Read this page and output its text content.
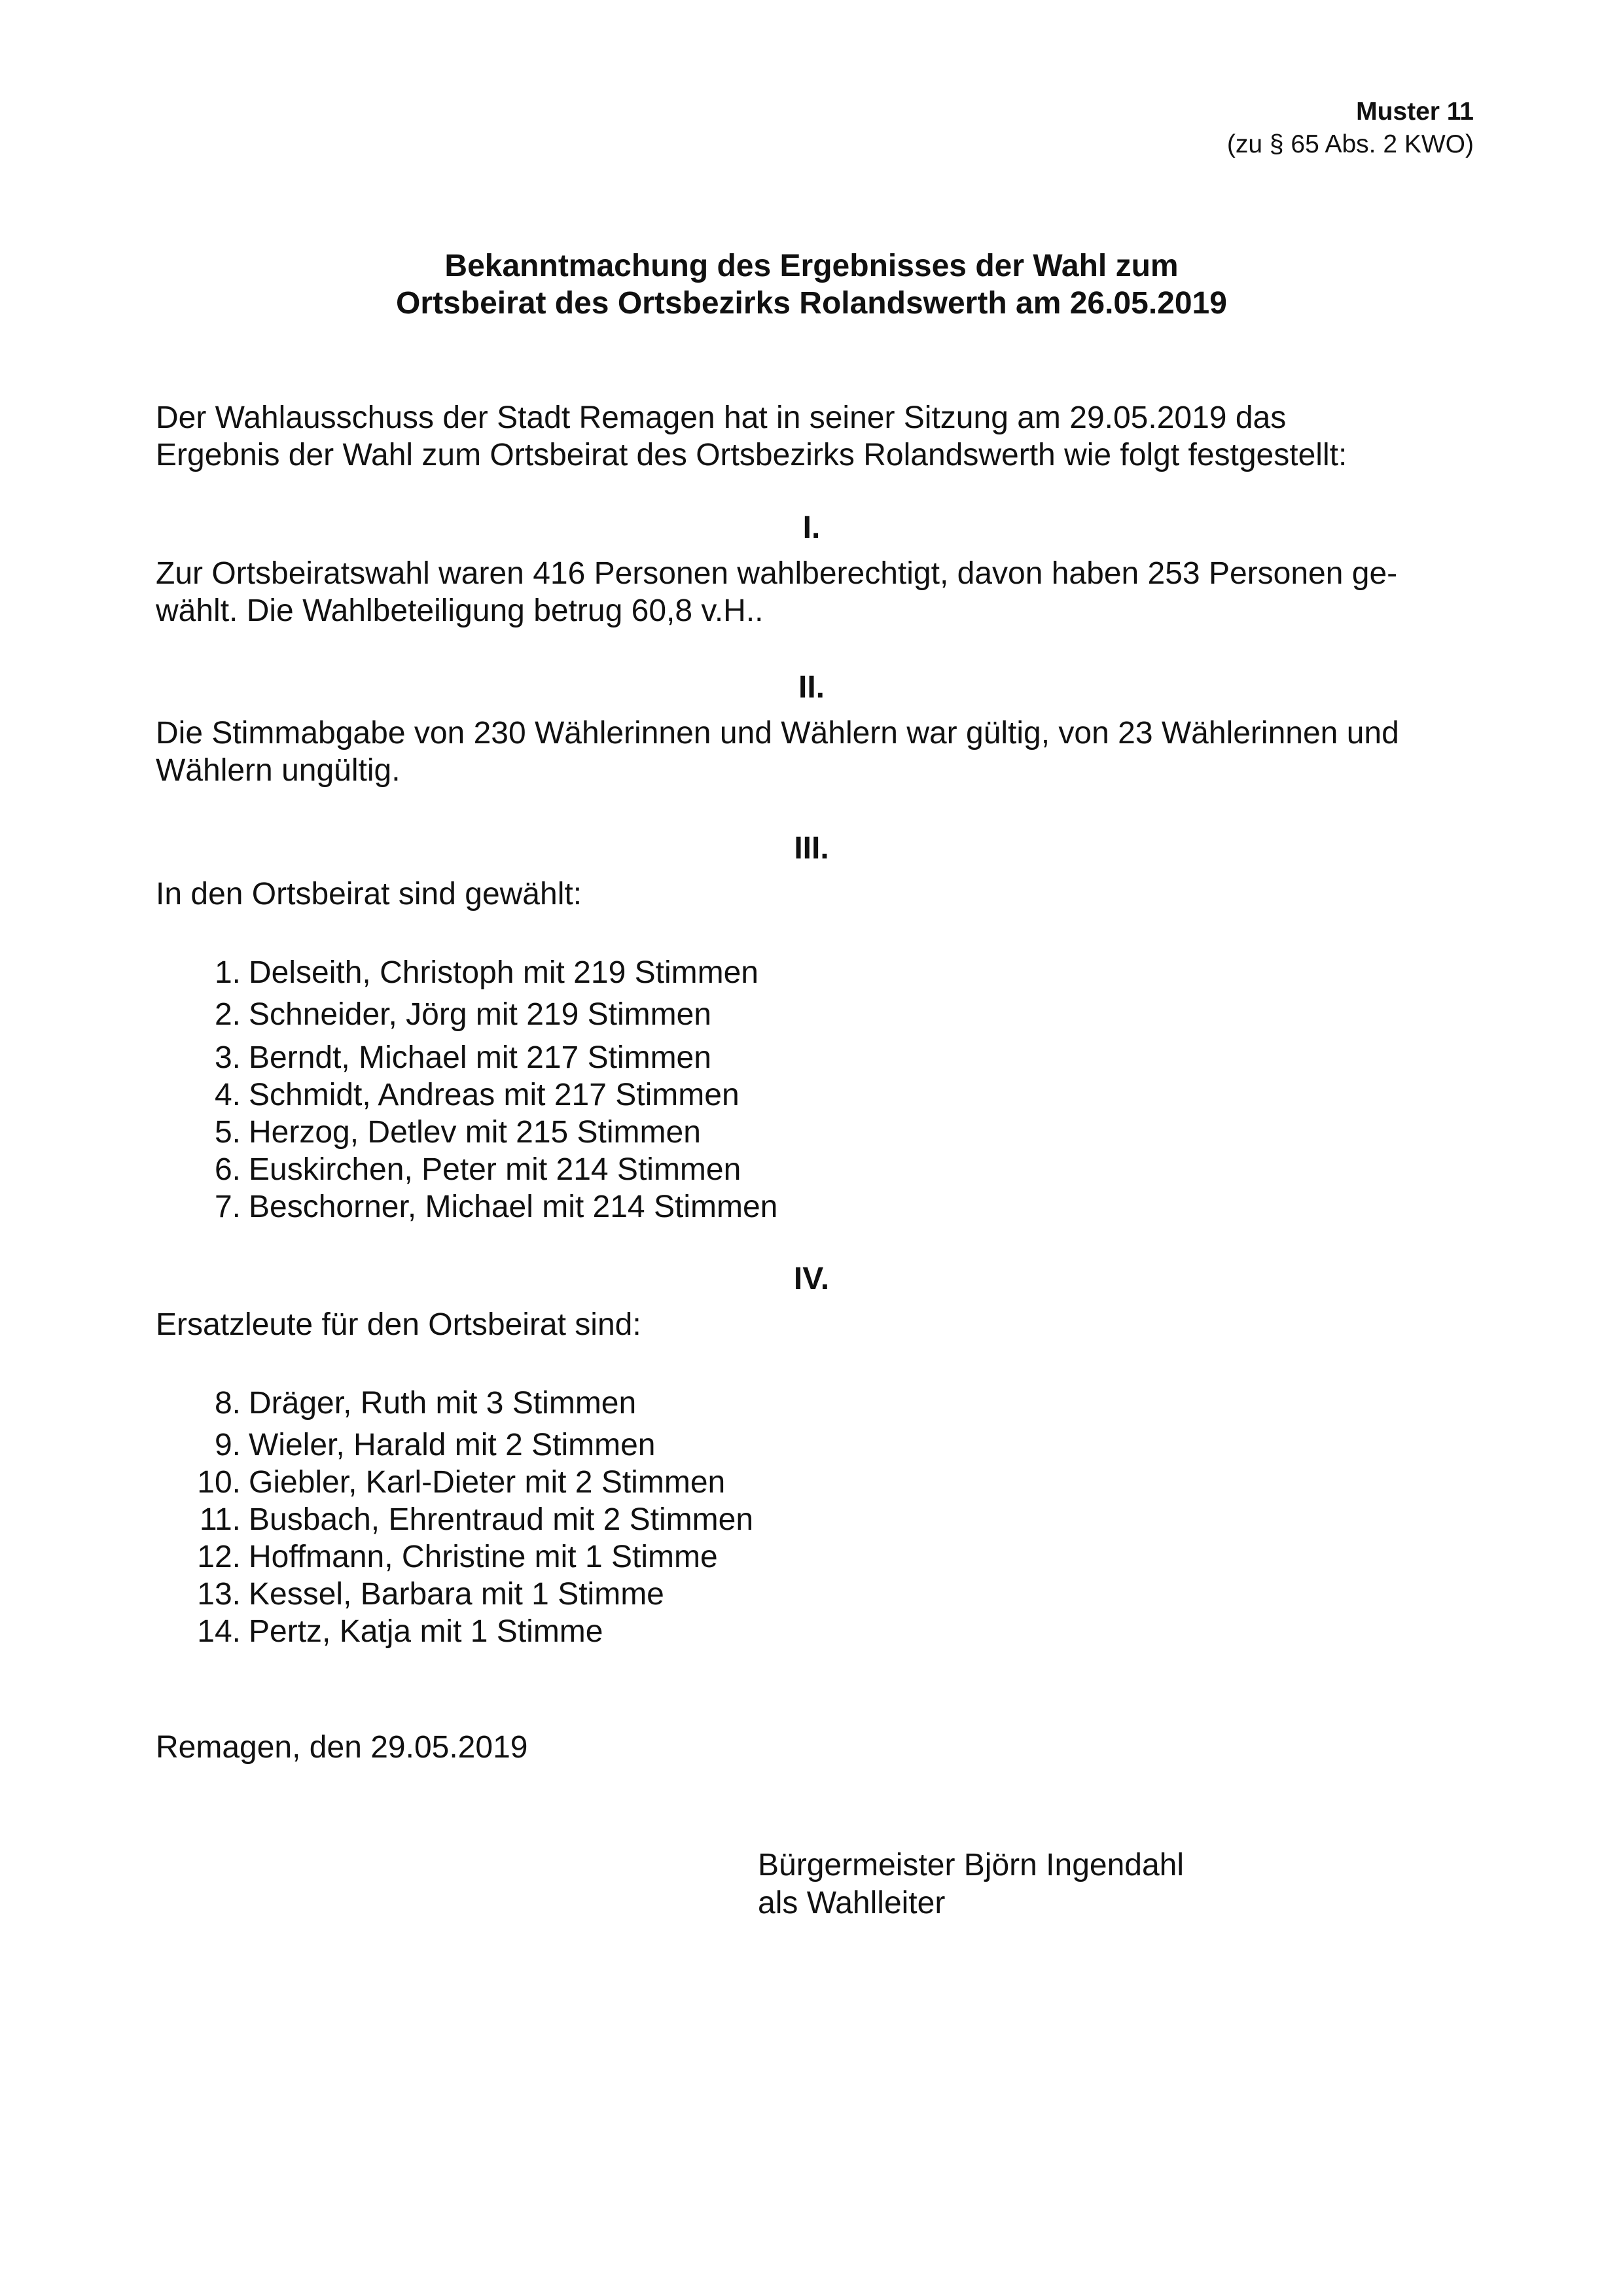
Muster 11
(zu § 65 Abs. 2 KWO)
Bekanntmachung des Ergebnisses der Wahl zum
Ortsbeirat des Ortsbezirks Rolandswerth am 26.05.2019
Der Wahlausschuss der Stadt Remagen hat in seiner Sitzung am 29.05.2019 das
Ergebnis der Wahl zum Ortsbeirat des Ortsbezirks Rolandswerth wie folgt festgestellt:
I.
Zur Ortsbeiratswahl waren 416 Personen wahlberechtigt, davon haben 253 Personen ge-
wählt. Die Wahlbeteiligung betrug 60,8 v.H..
II.
Die Stimmabgabe von 230 Wählerinnen und Wählern war gültig, von 23 Wählerinnen und
Wählern ungültig.
III.
In den Ortsbeirat sind gewählt:
1. Delseith, Christoph mit 219 Stimmen
2. Schneider, Jörg mit 219 Stimmen
3. Berndt, Michael mit 217 Stimmen
4. Schmidt, Andreas mit 217 Stimmen
5. Herzog, Detlev mit 215 Stimmen
6. Euskirchen, Peter mit 214 Stimmen
7. Beschorner, Michael mit 214 Stimmen
IV.
Ersatzleute für den Ortsbeirat sind:
8. Dräger, Ruth mit 3 Stimmen
9. Wieler, Harald mit 2 Stimmen
10. Giebler, Karl-Dieter mit 2 Stimmen
11. Busbach, Ehrentraud mit 2 Stimmen
12. Hoffmann, Christine mit 1 Stimme
13. Kessel, Barbara mit 1 Stimme
14. Pertz, Katja mit 1 Stimme
Remagen, den 29.05.2019
Bürgermeister Björn Ingendahl
als Wahlleiter
